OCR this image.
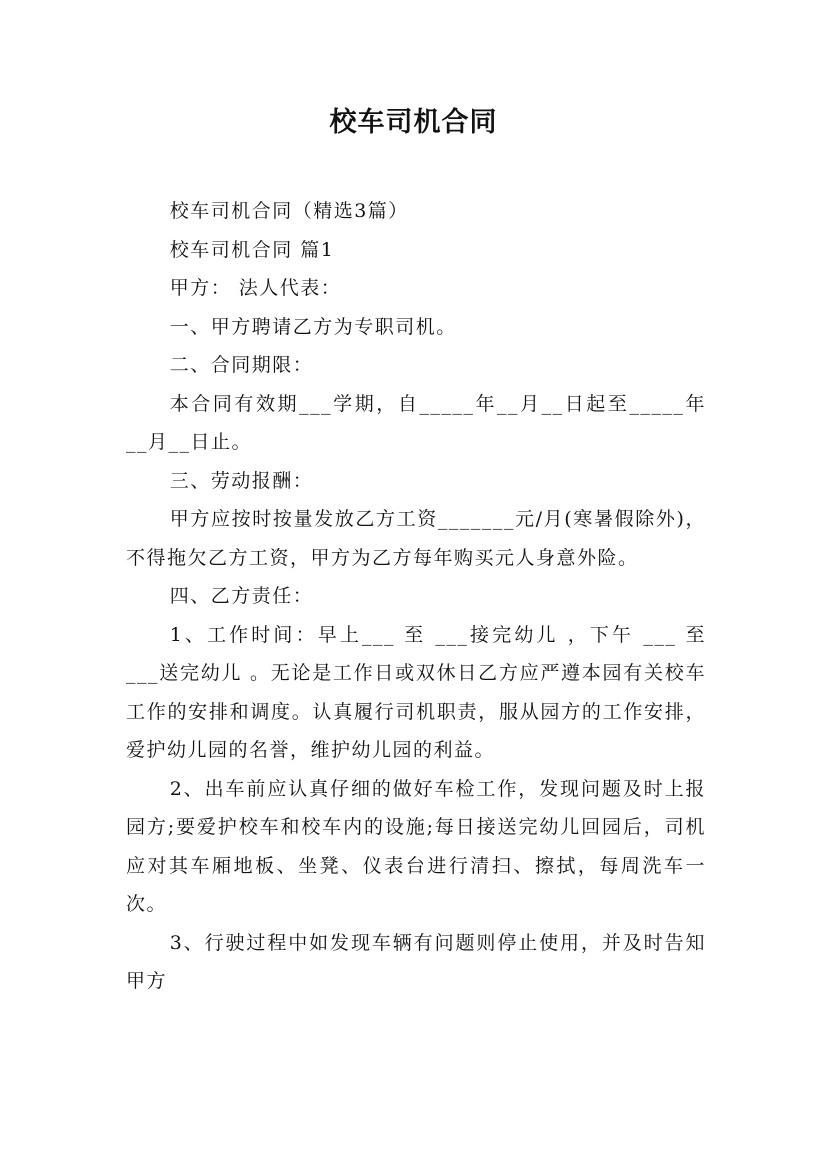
校车司机合同

校车司机合同（精选3篇）

校车司机合同 篇1

甲方： 法人代表：

一、甲方聘请乙方为专职司机。

二、合同期限：

本合同有效期___学期，自_____年__月__日起至_____年__月__日止。

三、劳动报酬：

甲方应按时按量发放乙方工资_______元/月(寒暑假除外)，不得拖欠乙方工资，甲方为乙方每年购买元人身意外险。

四、乙方责任：

1、工作时间：早上___ 至 ___接完幼儿 ，下午 ___ 至 ___送完幼儿 。无论是工作日或双休日乙方应严遵本园有关校车工作的安排和调度。认真履行司机职责，服从园方的工作安排，爱护幼儿园的名誉，维护幼儿园的利益。

2、出车前应认真仔细的做好车检工作，发现问题及时上报园方;要爱护校车和校车内的设施;每日接送完幼儿回园后，司机应对其车厢地板、坐凳、仪表台进行清扫、擦拭，每周洗车一次。

3、行驶过程中如发现车辆有问题则停止使用，并及时告知甲方
